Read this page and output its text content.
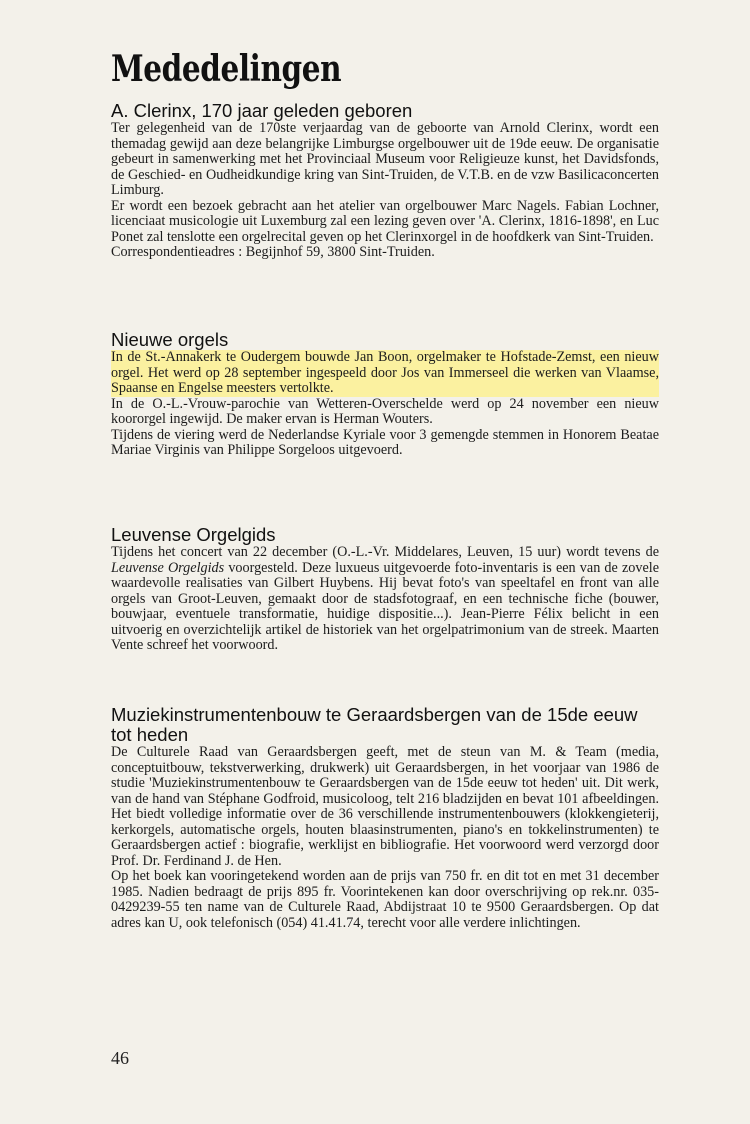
Mededelingen
A. Clerinx, 170 jaar geleden geboren

Ter gelegenheid van de 170ste verjaardag van de geboorte van Arnold Clerinx, wordt een themadag gewijd aan deze belangrijke Limburgse orgelbouwer uit de 19de eeuw. De organisatie gebeurt in samenwerking met het Provinciaal Museum voor Religieuze kunst, het Davidsfonds, de Geschied- en Oudheidkundige kring van Sint-Truiden, de V.T.B. en de vzw Basilicaconcerten Limburg.

Er wordt een bezoek gebracht aan het atelier van orgelbouwer Marc Nagels. Fabian Lochner, licenciaat musicologie uit Luxemburg zal een lezing geven over 'A. Clerinx, 1816-1898', en Luc Ponet zal tenslotte een orgelrecital geven op het Clerinxorgel in de hoofdkerk van Sint-Truiden.

Correspondentieadres : Begijnhof 59, 3800 Sint-Truiden.

Nieuwe orgels

In de St.-Annakerk te Oudergem bouwde Jan Boon, orgelmaker te Hofstade-Zemst, een nieuw orgel. Het werd op 28 september ingespeeld door Jos van Immerseel die werken van Vlaamse, Spaanse en Engelse meesters vertolkte.

In de O.-L.-Vrouw-parochie van Wetteren-Overschelde werd op 24 november een nieuw koororgel ingewijd. De maker ervan is Herman Wouters.

Tijdens de viering werd de Nederlandse Kyriale voor 3 gemengde stemmen in Honorem Beatae Mariae Virginis van Philippe Sorgeloos uitgevoerd.

Leuvense Orgelgids

Tijdens het concert van 22 december (O.-L.-Vr. Middelares, Leuven, 15 uur) wordt tevens de Leuvense Orgelgids voorgesteld. Deze luxueus uitgevoerde foto-inventaris is een van de zovele waardevolle realisaties van Gilbert Huybens. Hij bevat foto's van speeltafel en front van alle orgels van Groot-Leuven, gemaakt door de stadsfotograaf, en een technische fiche (bouwer, bouwjaar, eventuele transformatie, huidige dispositie...). Jean-Pierre Félix belicht in een uitvoerig en overzichtelijk artikel de historiek van het orgelpatrimonium van de streek. Maarten Vente schreef het voorwoord.

Muziekinstrumentenbouw te Geraardsbergen van de 15de eeuw tot heden

De Culturele Raad van Geraardsbergen geeft, met de steun van M. & Team (media, conceptuitbouw, tekstverwerking, drukwerk) uit Geraardsbergen, in het voorjaar van 1986 de studie 'Muziekinstrumentenbouw te Geraardsbergen van de 15de eeuw tot heden' uit. Dit werk, van de hand van Stéphane Godfroid, musicoloog, telt 216 bladzijden en bevat 101 afbeeldingen. Het biedt volledige informatie over de 36 verschillende instrumentenbouwers (klokkengieterij, kerkorgels, automatische orgels, houten blaasinstrumenten, piano's en tokkelinstrumenten) te Geraardsbergen actief : biografie, werklijst en bibliografie. Het voorwoord werd verzorgd door Prof. Dr. Ferdinand J. de Hen.

Op het boek kan vooringetekend worden aan de prijs van 750 fr. en dit tot en met 31 december 1985. Nadien bedraagt de prijs 895 fr. Voorintekenen kan door overschrijving op rek.nr. 035-0429239-55 ten name van de Culturele Raad, Abdijstraat 10 te 9500 Geraardsbergen. Op dat adres kan U, ook telefonisch (054) 41.41.74, terecht voor alle verdere inlichtingen.

46
